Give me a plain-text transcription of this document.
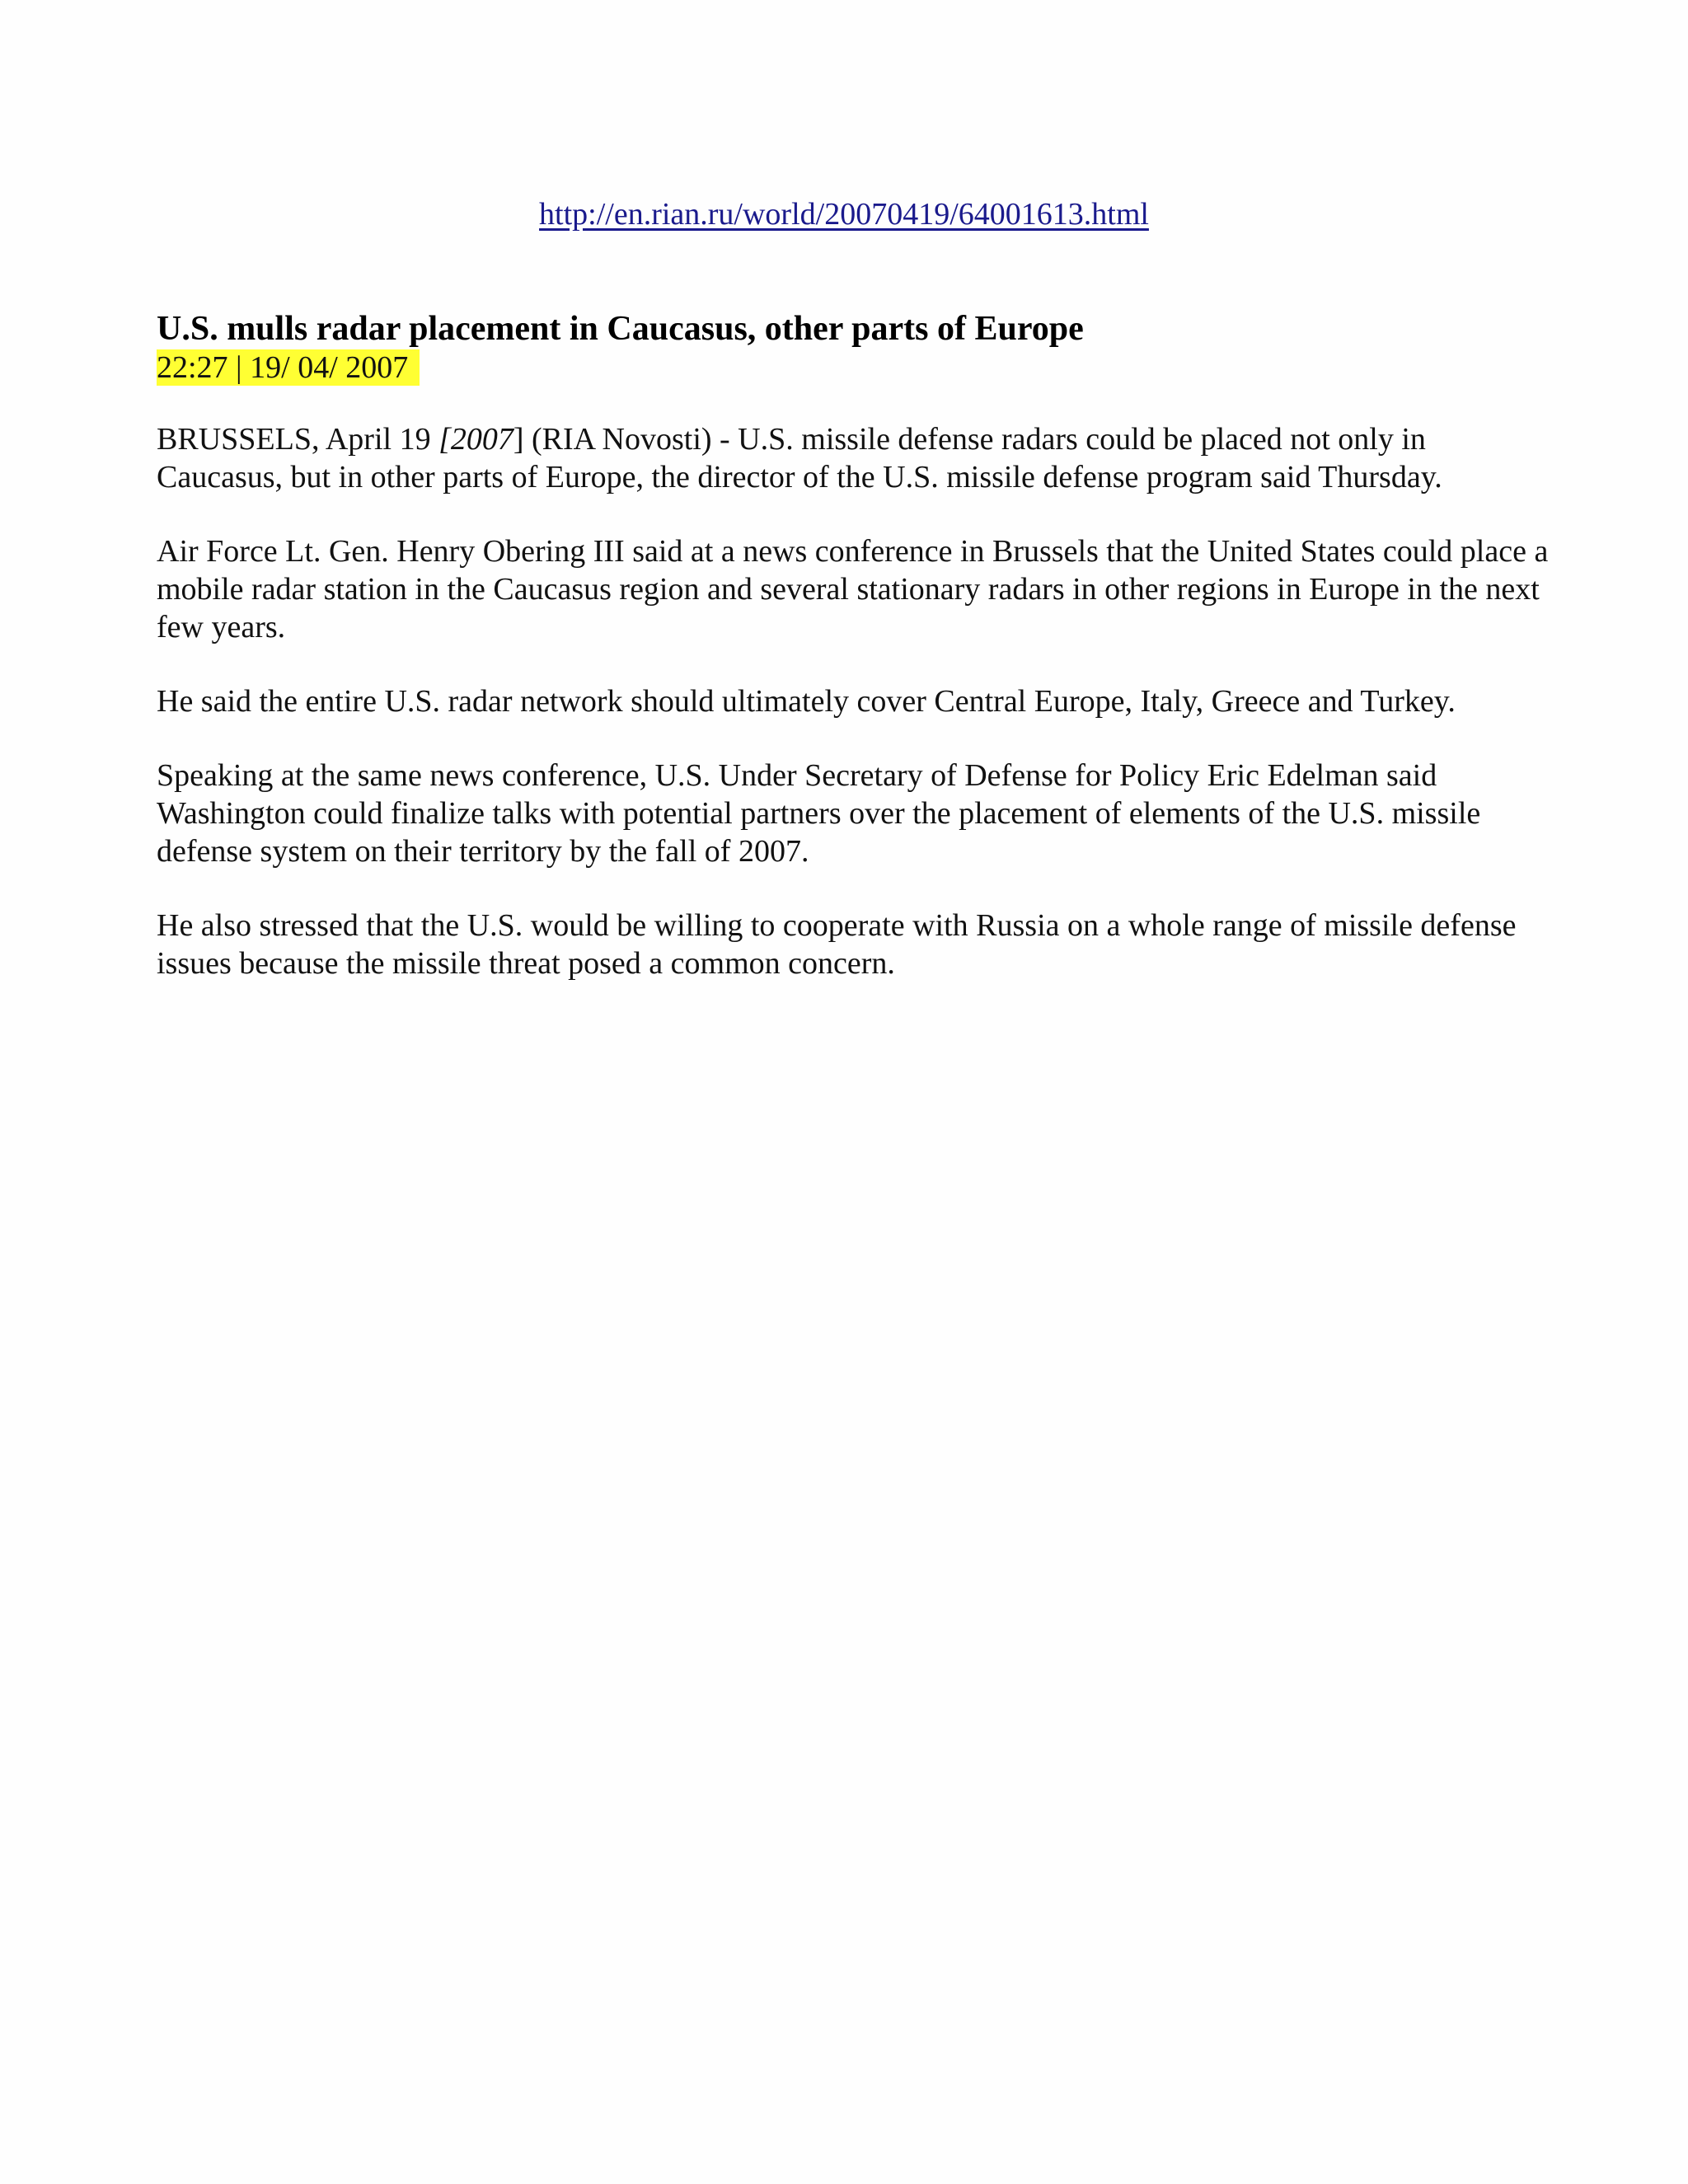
http://en.rian.ru/world/20070419/64001613.html
U.S. mulls radar placement in Caucasus, other parts of Europe
22:27 | 19/ 04/ 2007

BRUSSELS, April 19 [2007] (RIA Novosti) - U.S. missile defense radars could be placed not only in Caucasus, but in other parts of Europe, the director of the U.S. missile defense program said Thursday.

Air Force Lt. Gen. Henry Obering III said at a news conference in Brussels that the United States could place a mobile radar station in the Caucasus region and several stationary radars in other regions in Europe in the next few years.

He said the entire U.S. radar network should ultimately cover Central Europe, Italy, Greece and Turkey.

Speaking at the same news conference, U.S. Under Secretary of Defense for Policy Eric Edelman said Washington could finalize talks with potential partners over the placement of elements of the U.S. missile defense system on their territory by the fall of 2007.

He also stressed that the U.S. would be willing to cooperate with Russia on a whole range of missile defense issues because the missile threat posed a common concern.
